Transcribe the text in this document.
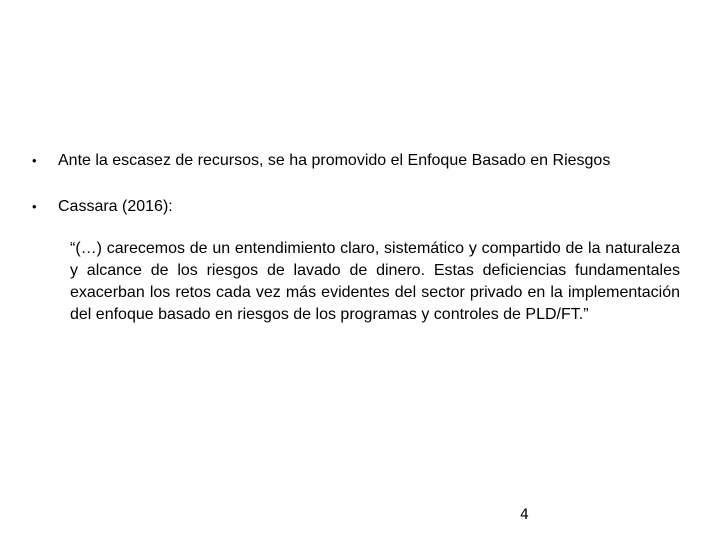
•	Ante la escasez de recursos, se ha promovido el Enfoque Basado en Riesgos
•	Cassara (2016):
“(…) carecemos de un entendimiento claro, sistemático y compartido de la naturaleza y alcance de los riesgos de lavado de dinero. Estas deficiencias fundamentales exacerban los retos cada vez más evidentes del sector privado en la implementación del enfoque basado en riesgos de los programas y controles de PLD/FT.”
4
